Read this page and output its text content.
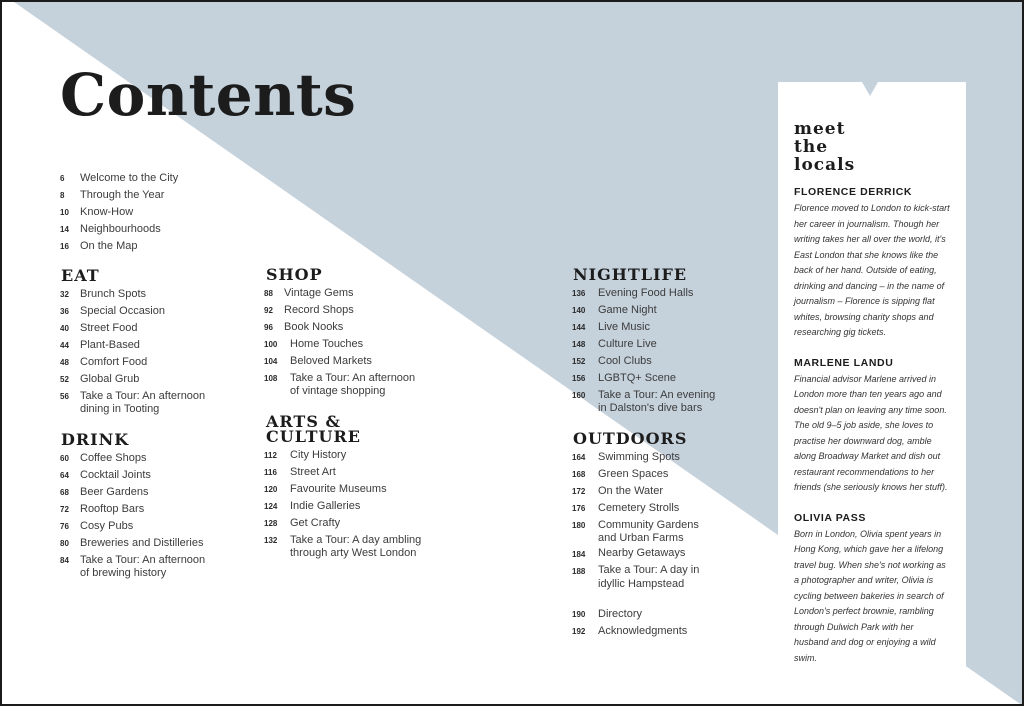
Contents
6	Welcome to the City
8	Through the Year
10	Know-How
14	Neighbourhoods
16	On the Map
EAT
32	Brunch Spots
36	Special Occasion
40	Street Food
44	Plant-Based
48	Comfort Food
52	Global Grub
56	Take a Tour: An afternoon
dining in Tooting
DRINK
60	Coffee Shops
64	Cocktail Joints
68	Beer Gardens
72	Rooftop Bars
76	Cosy Pubs
80	Breweries and Distilleries
84	Take a Tour: An afternoon
of brewing history
SHOP
88	Vintage Gems
92	Record Shops
96	Book Nooks
100	Home Touches
104	Beloved Markets
108	Take a Tour: An afternoon
of vintage shopping
ARTS &
CULTURE
112	City History
116	Street Art
120	Favourite Museums
124	Indie Galleries
128	Get Crafty
132	Take a Tour: A day ambling
through arty West London
NIGHTLIFE
136	Evening Food Halls
140	Game Night
144	Live Music
148	Culture Live
152	Cool Clubs
156	LGBTQ+ Scene
160	Take a Tour: An evening
in Dalston's dive bars
OUTDOORS
164	Swimming Spots
168	Green Spaces
172	On the Water
176	Cemetery Strolls
180	Community Gardens
and Urban Farms
184	Nearby Getaways
188	Take a Tour: A day in
idyllic Hampstead
190	Directory
192	Acknowledgments
meet
the
locals
FLORENCE DERRICK
Florence moved to London to kick-start her career in journalism. Though her writing takes her all over the world, it's East London that she knows like the back of her hand. Outside of eating, drinking and dancing – in the name of journalism – Florence is sipping flat whites, browsing charity shops and researching gig tickets.
MARLENE LANDU
Financial advisor Marlene arrived in London more than ten years ago and doesn't plan on leaving any time soon. The old 9–5 job aside, she loves to practise her downward dog, amble along Broadway Market and dish out restaurant recommendations to her friends (she seriously knows her stuff).
OLIVIA PASS
Born in London, Olivia spent years in Hong Kong, which gave her a lifelong travel bug. When she's not working as a photographer and writer, Olivia is cycling between bakeries in search of London's perfect brownie, rambling through Dulwich Park with her husband and dog or enjoying a wild swim.
